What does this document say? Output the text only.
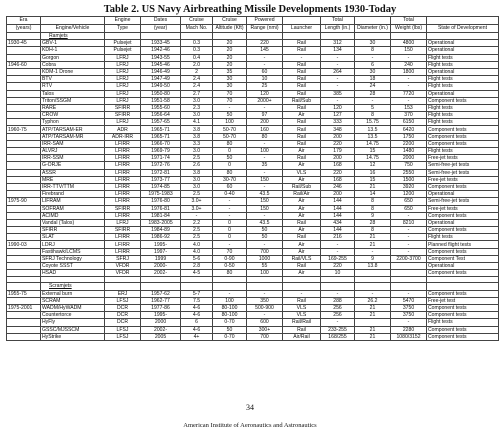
Table 2. US Navy Airbreathing Missile Developments 1930-Today
Era		Engine	Dates	Cruise	Cruise	Powered		Total		Total	
(years)	Engine/Vehicle	Type	(year)	Mach No.	Altitude (Kft)	Range (nmi)	Launcher	Length (in.)	Diameter (in.)	Weight (lbs)	State of Development
	Ramjets										
1930-45	GBV-1	Pulsejet	1933-45	0.3	20	220	Rail	312	30	4800	Operational
	KDH-1	Pulsejet	1942-46	0.3	20	145	Rail	134	8	150	Operational
	Gorgon	LFRJ	1943-55	0.4	20	-	-	-	-	-	Flight tests
1946-60	Cobra	LFRJ	1945-46	2.0	20	-	Rail	-	6	240	Flight tests
	KDM-1 Drone	LFRJ	1946-49	2	35	60	Rail	264	30	1800	Operational
	BTV	LFRJ	1947-49	2.4	30	10	Rail	-	18	-	Flight tests
	RTV	LFRJ	1949-50	2.4	30	25	Rail	-	24	-	Flight tests
	Talos	LFRJ	1950-80	2.7	70	120	Rail	385	28	7720	Operational
	Triton/SSGM	LFRJ	1951-58	3.0	70	2000+	Rail/Sub	-	-	-	Component tests
	RARE	SFIRR	1955-60	2.3	-	-	Rail	120	5	153	Flight tests
	CROW	SFIRR	1956-64	3.0	50	97	Air	127	8	370	Flight tests
	Typhon	LFRJ	1957-65	4.1	100	200	Rail	333	15.75	6150	Flight tests
1960-75	ATP/TARSAM-ER	ADR	1965-71	3.8	50-70	160	Rail	348	13.5	6420	Component tests
	ATP/TARSAM-MR	ADR-IRR	1965-71	3.8	50-70	80	Rail	200	13.5	1750	Component tests
	IRR-SAM	LFIRR	1966-70	3.3	80	-	Rail	220	14.75	2200	Component tests
	ALVRJ	LFIRR	1969-79	3.0	0	100	Air	179	15	1480	Flight tests
	IRR-SSM	LFIRR	1971-74	2.5	50	-	Rail	200	14.75	2000	Free-jet tests
	G-ORJE	LFIRR	1972-76	2.6	0	35	Air	168	12	750	Semi-free-jet tests
	ASSR	LFIRR	1972-81	3.8	80	-	VLS	220	16	2550	Semi-free-jet tests
	MRE	LFIRR	1973-77	3.0	30-70	150	Air	168	15	1500	Free-jet tests
	IRR-TTV/TTM	LFIRR	1974-85	3.0	60	-	Rail/Sub	246	21	3920	Component tests
	Firebrand	LFIRR	1975-1983	2.5	0-40	43.5	Rail/Air	200	14	1200	Operational
1975-90	LIFRAM	LFIRR	1976-80	3.0+	-	150	Air	144	8	650	Semi-free-jet tests
	SOFRAM	SFIRR	1976-81	3.0+	-	150	Air	144	8	650	Free-jet tests
	ACIMD	LFIRR	1981-84	-	-	-	Air	144	9	-	Component tests
	Vandal (Talos)	LFRJ	1983-2005	2.2	0	43.5	Rail	434	28	8210	Operational
	SFIRR	SFIRR	1984-89	2.5	0	50	Air	144	8	-	Component tests
	SLAT	LFIRR	1986-92	2.5	0	50	Rail	216	21	-	Flight tests
1990-03	LDRJ	LFIRR	1995-	4.0	-	-	Air	-	21	-	Planned flight tests
	Fastihawk/LCMS	LFIRR	1997-	4.0	70	700	Air	-	-	-	Component tests
	SFRJ Technology	SFRJ	1999	5-6	0-90	1000	Rail/VLS	169-255	9	2200-3700	Component Test
	Coyote SSST	VFDR	2000-	2.8	0-50	55	Rail	220	13.8		Operational
	HSAD	VFDR	2002-	4-5	80	100	Air	10			Component tests

	Scramjets										
1955-75	External burn	ERJ	1957-62	5-7	-	-	-	-	-	-	Component tests
	SCRAM	LFSJ	1962-77	7.5	100	350	Rail	288	26.2	5470	Free-jet test
1975-2001	WADM/HyWADM	DCR	1977-86	4-6	80-100	500-900	VLS	256	21	3750	Component tests
	Countertorce	DCR	1995-	4-6	80-100	-	VLS	256	21	3750	Component tests
	HyFly	DCR	2000	6	0-70	600	Rail/Rail	-		-	Flight tests
	GSSC/MJSSCM	LFSJ	2002-	4-6	50	300+	Rail	233-255	21	2280	Component tests
	HyStrike	LFSJ	2005	4+	0-70	700	Air/Rail	168/255	21	1080/3152	Component tests
34
American Institute of Aeronautics and Astronautics
